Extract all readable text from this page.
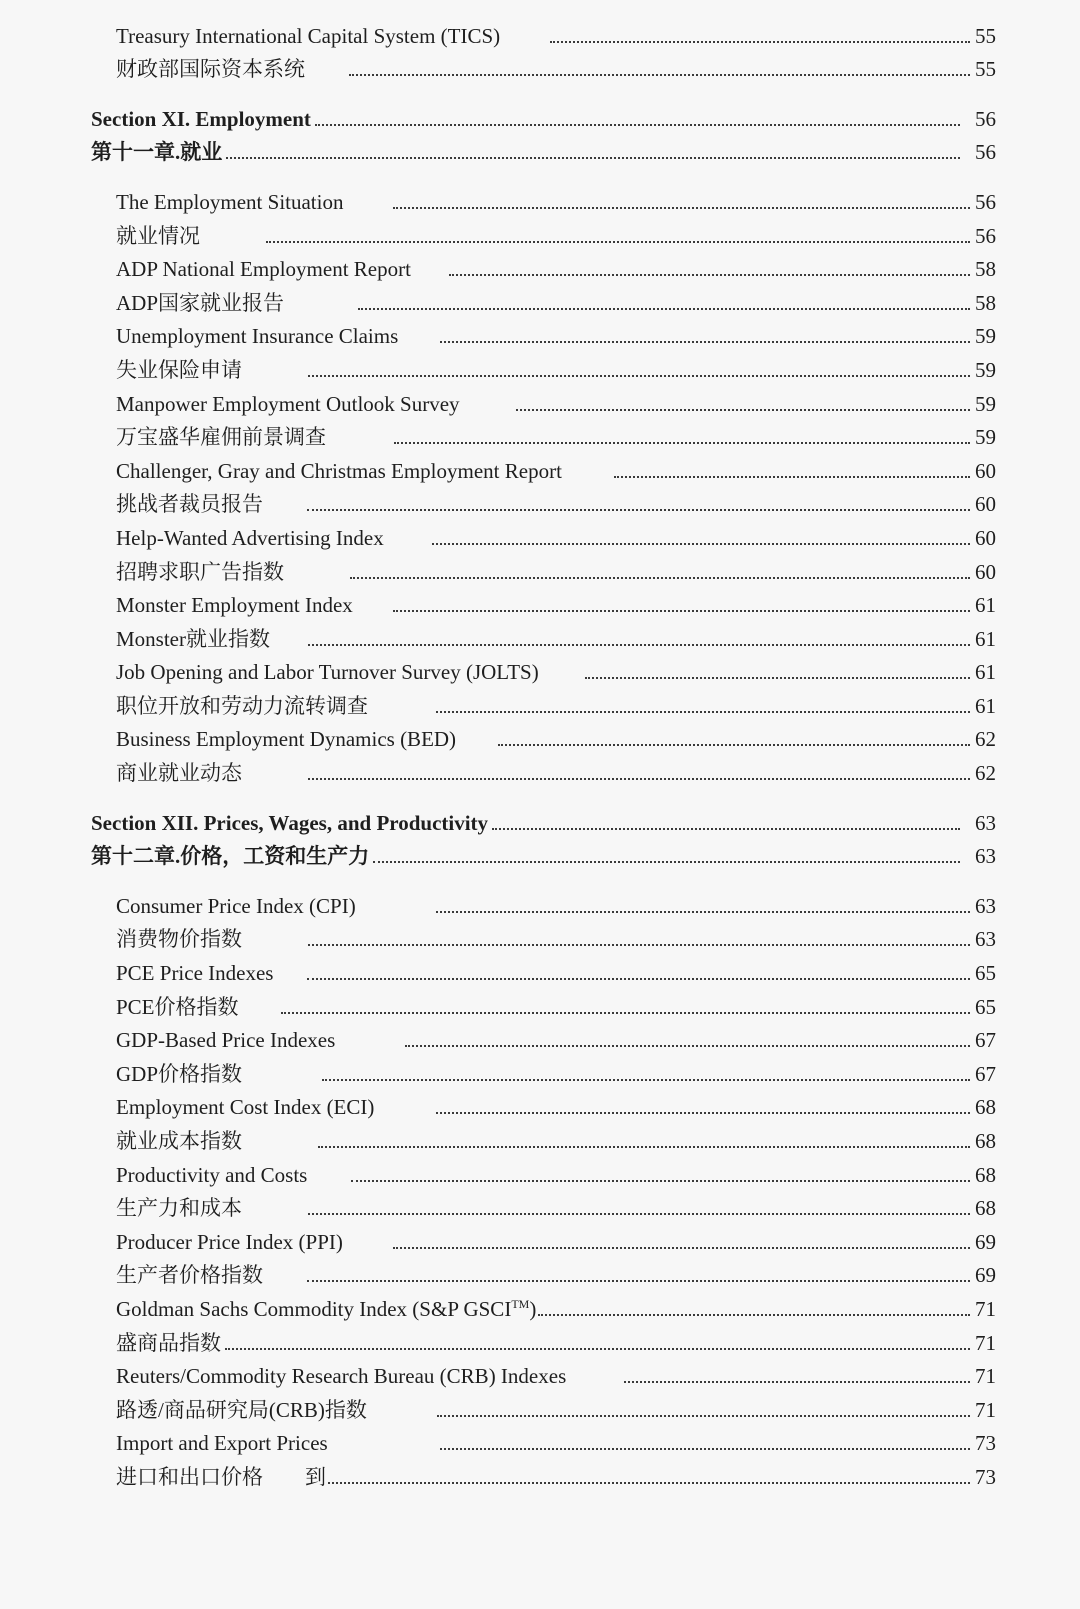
Treasury International Capital System (TICS)	55
财政部国际资本系统	55
Section XI. Employment	56
第十一章.就业	56
The Employment Situation	56
就业情况	56
ADP National Employment Report	58
ADP国家就业报告	58
Unemployment Insurance Claims	59
失业保险申请	59
Manpower Employment Outlook Survey	59
万宝盛华雇佣前景调查	59
Challenger, Gray and Christmas Employment Report	60
挑战者裁员报告	60
Help-Wanted Advertising Index	60
招聘求职广告指数	60
Monster Employment Index	61
Monster就业指数	61
Job Opening and Labor Turnover Survey (JOLTS)	61
职位开放和劳动力流转调查	61
Business Employment Dynamics (BED)	62
商业就业动态	62
Section XII. Prices, Wages, and Productivity	63
第十二章.价格，工资和生产力	63
Consumer Price Index (CPI)	63
消费物价指数	63
PCE Price Indexes	65
PCE价格指数	65
GDP-Based Price Indexes	67
GDP价格指数	67
Employment Cost Index (ECI)	68
就业成本指数	68
Productivity and Costs	68
生产力和成本	68
Producer Price Index (PPI)	69
生产者价格指数	69
Goldman Sachs Commodity Index (S&P GSCI™)	71
盛商品指数	71
Reuters/Commodity Research Bureau (CRB) Indexes	71
路透/商品研究局(CRB)指数	71
Import and Export Prices	73
进口和出口价格　　到	73
